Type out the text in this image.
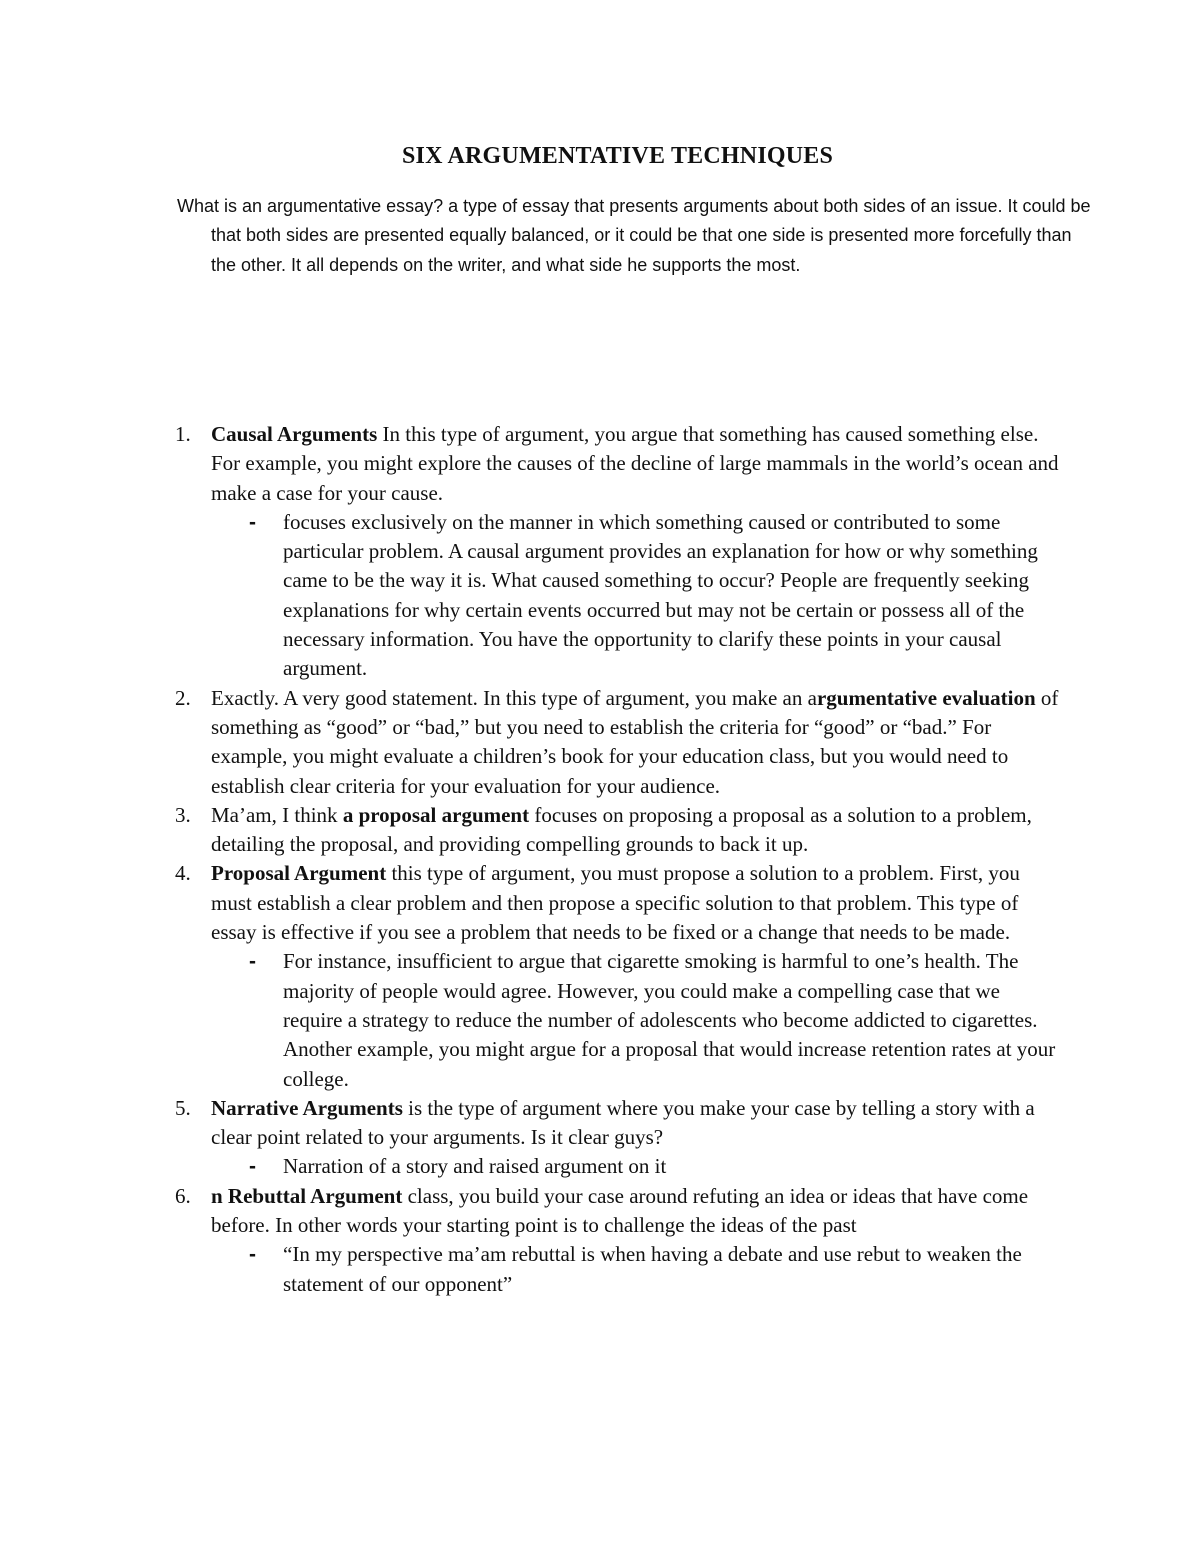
SIX ARGUMENTATIVE TECHNIQUES

What is an argumentative essay? a type of essay that presents arguments about both sides of an issue. It could be that both sides are presented equally balanced, or it could be that one side is presented more forcefully than the other. It all depends on the writer, and what side he supports the most.

1. Causal Arguments In this type of argument, you argue that something has caused something else. For example, you might explore the causes of the decline of large mammals in the world’s ocean and make a case for your cause.
- focuses exclusively on the manner in which something caused or contributed to some particular problem. A causal argument provides an explanation for how or why something came to be the way it is. What caused something to occur? People are frequently seeking explanations for why certain events occurred but may not be certain or possess all of the necessary information. You have the opportunity to clarify these points in your causal argument.
2. Exactly. A very good statement. In this type of argument, you make an argumentative evaluation of something as “good” or “bad,” but you need to establish the criteria for “good” or “bad.” For example, you might evaluate a children’s book for your education class, but you would need to establish clear criteria for your evaluation for your audience.
3. Ma’am, I think a proposal argument focuses on proposing a proposal as a solution to a problem, detailing the proposal, and providing compelling grounds to back it up.
4. Proposal Argument this type of argument, you must propose a solution to a problem. First, you must establish a clear problem and then propose a specific solution to that problem. This type of essay is effective if you see a problem that needs to be fixed or a change that needs to be made.
- For instance, insufficient to argue that cigarette smoking is harmful to one’s health. The majority of people would agree. However, you could make a compelling case that we require a strategy to reduce the number of adolescents who become addicted to cigarettes. Another example, you might argue for a proposal that would increase retention rates at your college.
5. Narrative Arguments is the type of argument where you make your case by telling a story with a clear point related to your arguments. Is it clear guys?
- Narration of a story and raised argument on it
6. n Rebuttal Argument class, you build your case around refuting an idea or ideas that have come before. In other words your starting point is to challenge the ideas of the past
- “In my perspective ma’am rebuttal is when having a debate and use rebut to weaken the statement of our opponent”
